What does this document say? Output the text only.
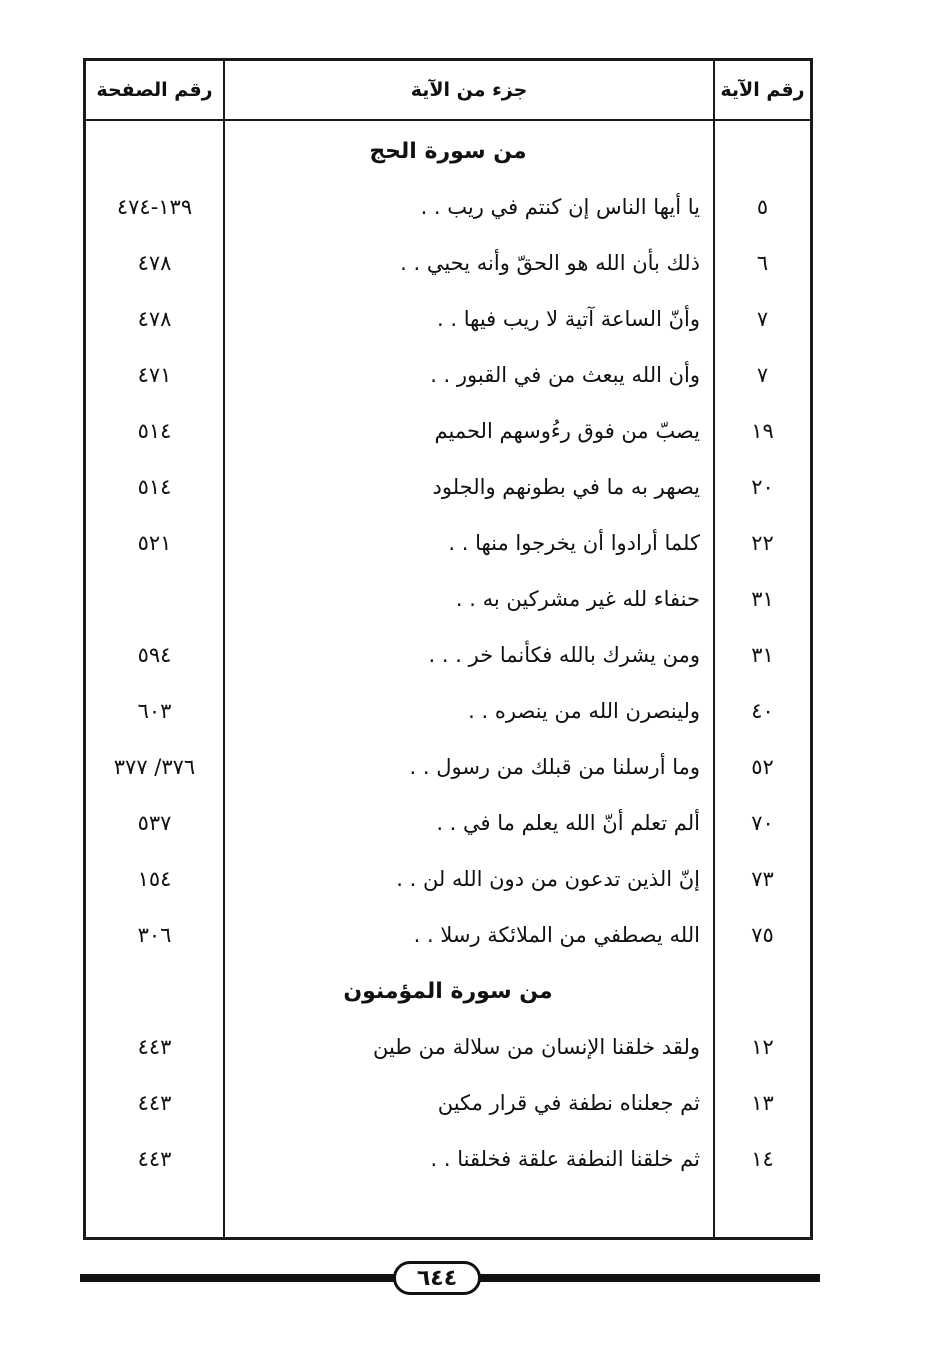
رقم الآية
جزء من الآية
رقم الصفحة
من سورة الحج
٥
يا أيها الناس إن كنتم في ريب . .
١٣٩-٤٧٤
٦
ذلك بأن الله هو الحقّ وأنه يحيي . .
٤٧٨
٧
وأنّ الساعة آتية لا ريب فيها . .
٤٧٨
٧
وأن الله يبعث من في القبور . .
٤٧١
١٩
يصبّ من فوق رءُوسهم الحميم
٥١٤
٢٠
يصهر به ما في بطونهم والجلود
٥١٤
٢٢
كلما أرادوا أن يخرجوا منها . .
٥٢١
٣١
حنفاء لله غير مشركين به . .
٣١
ومن يشرك بالله فكأنما خر . . .
٥٩٤
٤٠
ولينصرن الله من ينصره . .
٦٠٣
٥٢
وما أرسلنا من قبلك من رسول . .
٣٧٦/ ٣٧٧
٧٠
ألم تعلم أنّ الله يعلم ما في . .
٥٣٧
٧٣
إنّ الذين تدعون من دون الله لن . .
١٥٤
٧٥
الله يصطفي من الملائكة رسلا . .
٣٠٦
من سورة المؤمنون
١٢
ولقد خلقنا الإنسان من سلالة من طين
٤٤٣
١٣
ثم جعلناه نطفة في قرار مكين
٤٤٣
١٤
ثم خلقنا النطفة علقة فخلقنا . .
٤٤٣
٦٤٤
